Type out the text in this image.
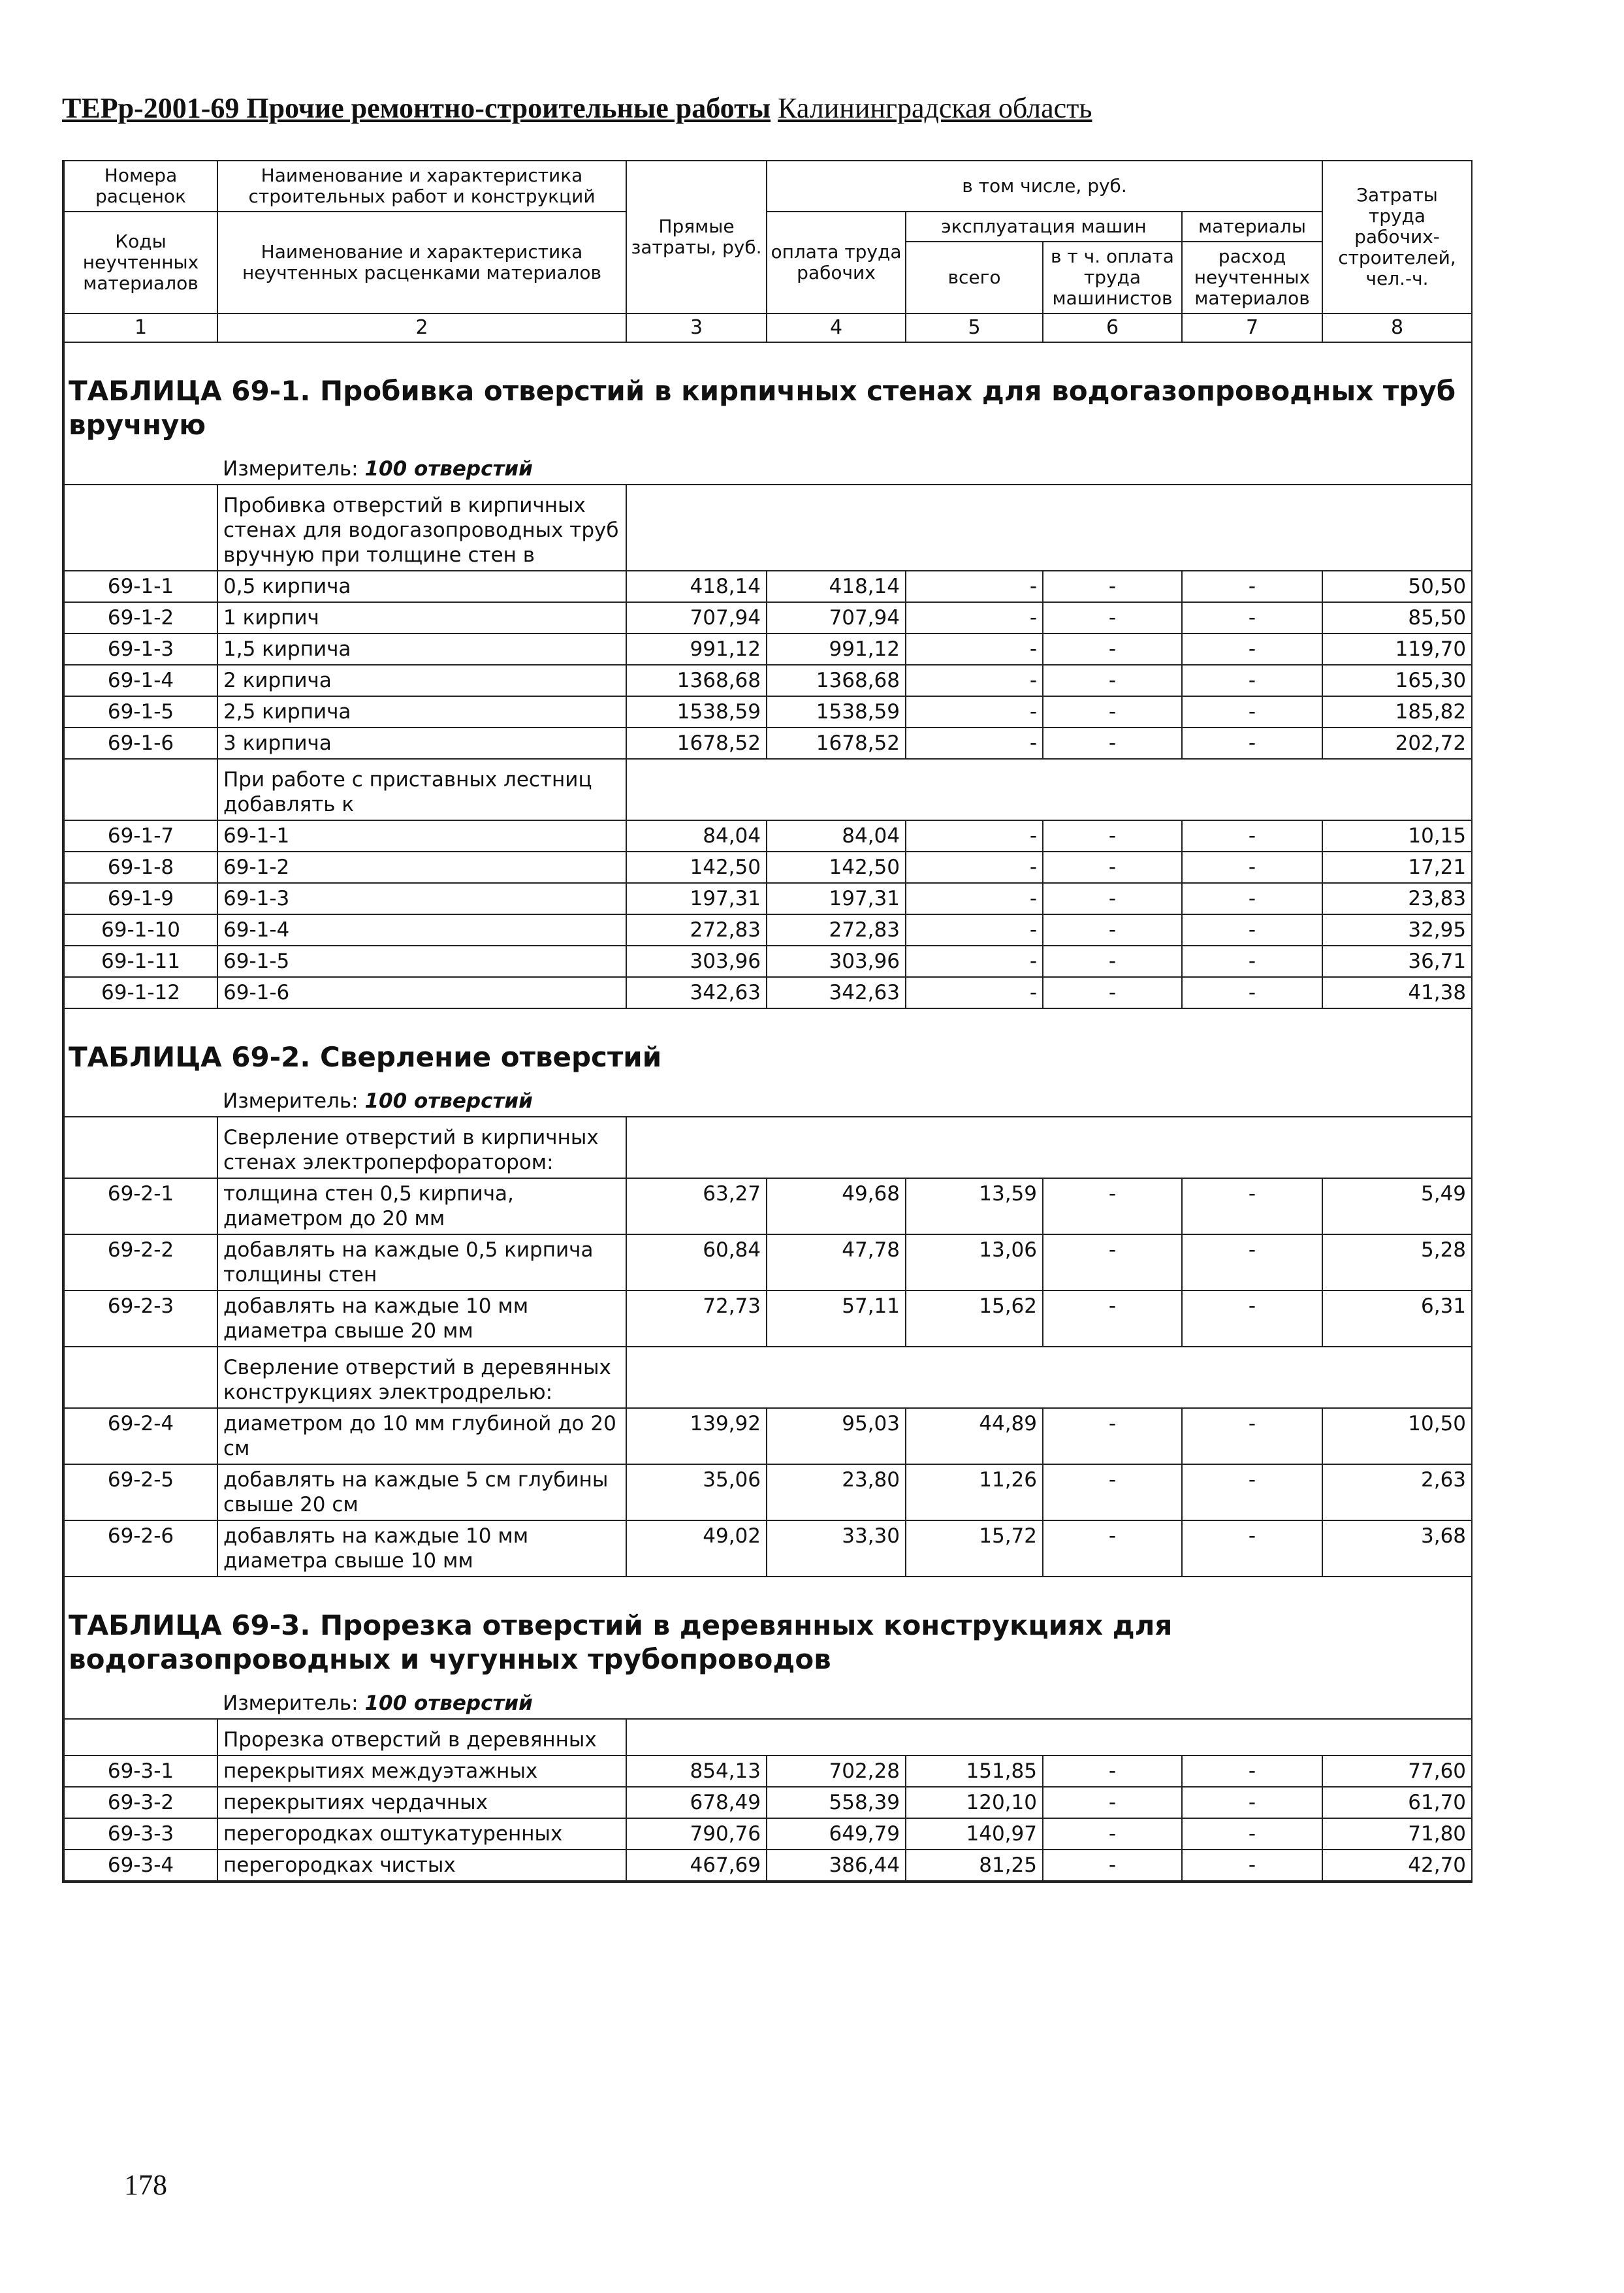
ТЕРр-2001-69 Прочие ремонтно-строительные работы Калининградская область
Номера расценок	Наименование и характеристика строительных работ и конструкций	Прямые затраты, руб.	в том числе, руб.				Затраты труда рабочих-строителей, чел.-ч.
Коды неучтенных материалов	Наименование и характеристика неучтенных расценками материалов		оплата труда рабочих	эксплуатация машин		материалы	
				всего	в т ч. оплата труда машинистов	расход неучтенных материалов	
1	2	3	4	5	6	7	8
ТАБЛИЦА 69-1. Пробивка отверстий в кирпичных стенах для водогазопроводных труб вручную							
	Измеритель: 100 отверстий						
	Пробивка отверстий в кирпичных стенах для водогазопроводных труб вручную при толщине стен в						
69-1-1	0,5 кирпича	418,14	418,14	-	-	-	50,50
69-1-2	1 кирпич	707,94	707,94	-	-	-	85,50
69-1-3	1,5 кирпича	991,12	991,12	-	-	-	119,70
69-1-4	2 кирпича	1368,68	1368,68	-	-	-	165,30
69-1-5	2,5 кирпича	1538,59	1538,59	-	-	-	185,82
69-1-6	3 кирпича	1678,52	1678,52	-	-	-	202,72
	При работе с приставных лестниц добавлять к						
69-1-7	69-1-1	84,04	84,04	-	-	-	10,15
69-1-8	69-1-2	142,50	142,50	-	-	-	17,21
69-1-9	69-1-3	197,31	197,31	-	-	-	23,83
69-1-10	69-1-4	272,83	272,83	-	-	-	32,95
69-1-11	69-1-5	303,96	303,96	-	-	-	36,71
69-1-12	69-1-6	342,63	342,63	-	-	-	41,38
ТАБЛИЦА 69-2. Сверление отверстий							
	Измеритель: 100 отверстий						
	Сверление отверстий в кирпичных стенах электроперфоратором:						
69-2-1	толщина стен 0,5 кирпича, диаметром до 20 мм	63,27	49,68	13,59	-	-	5,49
69-2-2	добавлять на каждые 0,5 кирпича толщины стен	60,84	47,78	13,06	-	-	5,28
69-2-3	добавлять на каждые 10 мм диаметра свыше 20 мм	72,73	57,11	15,62	-	-	6,31
	Сверление отверстий в деревянных конструкциях электродрелью:						
69-2-4	диаметром до 10 мм глубиной до 20 см	139,92	95,03	44,89	-	-	10,50
69-2-5	добавлять на каждые 5 см глубины свыше 20 см	35,06	23,80	11,26	-	-	2,63
69-2-6	добавлять на каждые 10 мм диаметра свыше 10 мм	49,02	33,30	15,72	-	-	3,68
ТАБЛИЦА 69-3. Прорезка отверстий в деревянных конструкциях для водогазопроводных и чугунных трубопроводов							
	Измеритель: 100 отверстий						
	Прорезка отверстий в деревянных						
69-3-1	перекрытиях междуэтажных	854,13	702,28	151,85	-	-	77,60
69-3-2	перекрытиях чердачных	678,49	558,39	120,10	-	-	61,70
69-3-3	перегородках оштукатуренных	790,76	649,79	140,97	-	-	71,80
69-3-4	перегородках чистых	467,69	386,44	81,25	-	-	42,70
178
